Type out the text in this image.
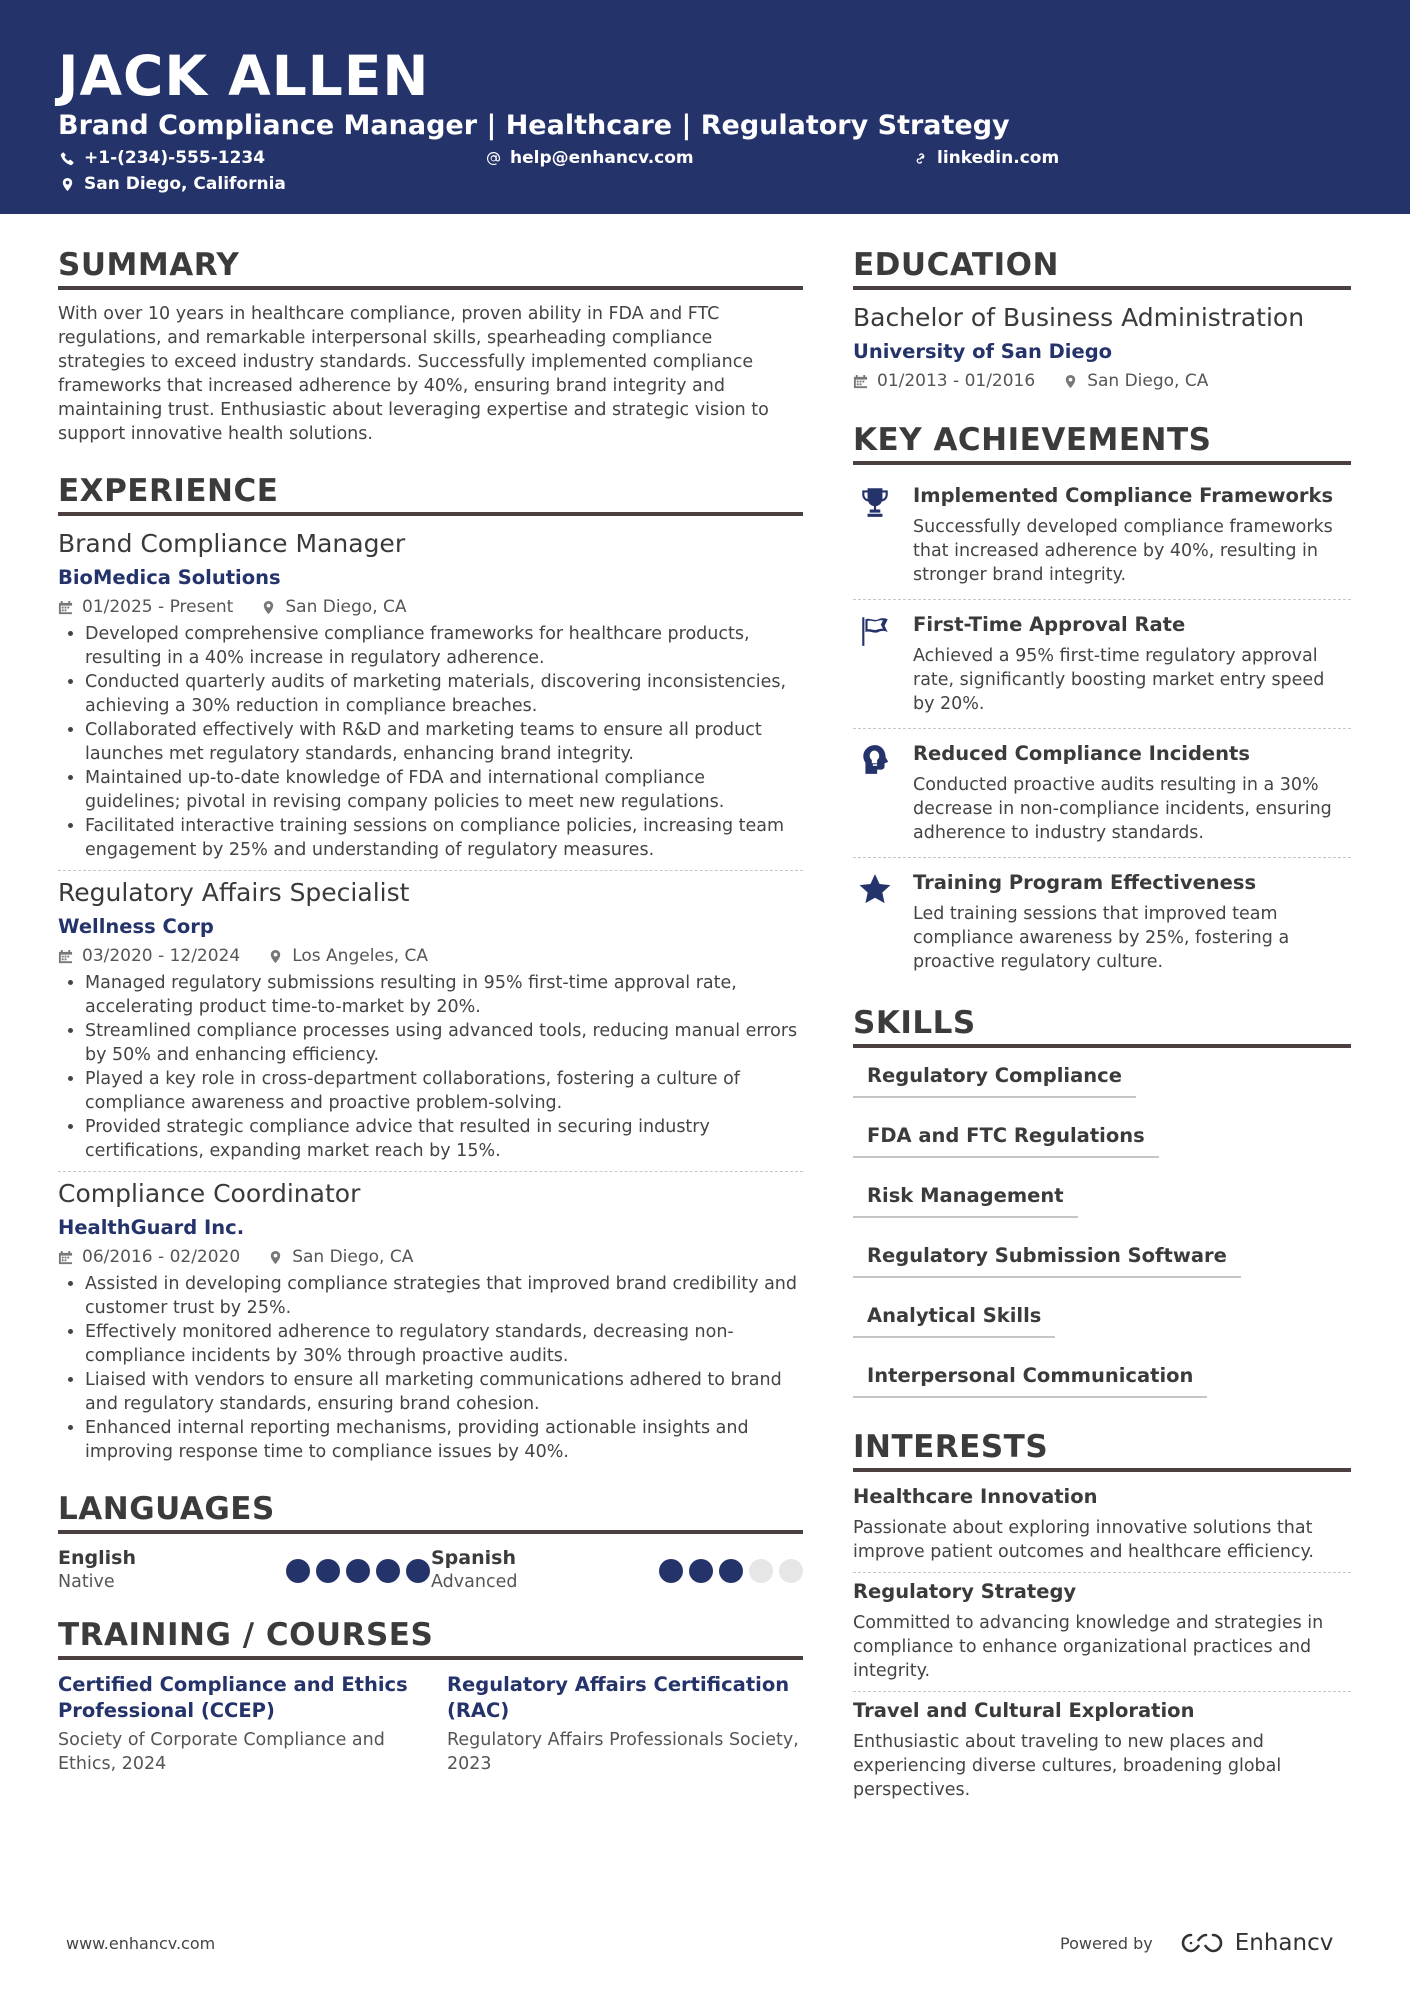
JACK ALLEN
Brand Compliance Manager | Healthcare | Regulatory Strategy
+1-(234)-555-1234	help@enhancv.com	linkedin.com
San Diego, California
SUMMARY

With over 10 years in healthcare compliance, proven ability in FDA and FTC regulations, and remarkable interpersonal skills, spearheading compliance strategies to exceed industry standards. Successfully implemented compliance frameworks that increased adherence by 40%, ensuring brand integrity and maintaining trust. Enthusiastic about leveraging expertise and strategic vision to support innovative health solutions.

EXPERIENCE
Brand Compliance Manager
BioMedica Solutions
01/2025 - Present	San Diego, CA
• Developed comprehensive compliance frameworks for healthcare products, resulting in a 40% increase in regulatory adherence.
• Conducted quarterly audits of marketing materials, discovering inconsistencies, achieving a 30% reduction in compliance breaches.
• Collaborated effectively with R&D and marketing teams to ensure all product launches met regulatory standards, enhancing brand integrity.
• Maintained up-to-date knowledge of FDA and international compliance guidelines; pivotal in revising company policies to meet new regulations.
• Facilitated interactive training sessions on compliance policies, increasing team engagement by 25% and understanding of regulatory measures.
Regulatory Affairs Specialist
Wellness Corp
03/2020 - 12/2024	Los Angeles, CA
• Managed regulatory submissions resulting in 95% first-time approval rate, accelerating product time-to-market by 20%.
• Streamlined compliance processes using advanced tools, reducing manual errors by 50% and enhancing efficiency.
• Played a key role in cross-department collaborations, fostering a culture of compliance awareness and proactive problem-solving.
• Provided strategic compliance advice that resulted in securing industry certifications, expanding market reach by 15%.
Compliance Coordinator
HealthGuard Inc.
06/2016 - 02/2020	San Diego, CA
• Assisted in developing compliance strategies that improved brand credibility and customer trust by 25%.
• Effectively monitored adherence to regulatory standards, decreasing non-compliance incidents by 30% through proactive audits.
• Liaised with vendors to ensure all marketing communications adhered to brand and regulatory standards, ensuring brand cohesion.
• Enhanced internal reporting mechanisms, providing actionable insights and improving response time to compliance issues by 40%.
LANGUAGES
English
Native
Spanish
Advanced
TRAINING / COURSES
Certified Compliance and Ethics Professional (CCEP)
Society of Corporate Compliance and Ethics, 2024
Regulatory Affairs Certification (RAC)
Regulatory Affairs Professionals Society, 2023
EDUCATION
Bachelor of Business Administration
University of San Diego
01/2013 - 01/2016	San Diego, CA
KEY ACHIEVEMENTS
Implemented Compliance Frameworks
Successfully developed compliance frameworks that increased adherence by 40%, resulting in stronger brand integrity.
First-Time Approval Rate
Achieved a 95% first-time regulatory approval rate, significantly boosting market entry speed by 20%.
Reduced Compliance Incidents
Conducted proactive audits resulting in a 30% decrease in non-compliance incidents, ensuring adherence to industry standards.
Training Program Effectiveness
Led training sessions that improved team compliance awareness by 25%, fostering a proactive regulatory culture.
SKILLS
Regulatory Compliance
FDA and FTC Regulations
Risk Management
Regulatory Submission Software
Analytical Skills
Interpersonal Communication
INTERESTS
Healthcare Innovation
Passionate about exploring innovative solutions that improve patient outcomes and healthcare efficiency.
Regulatory Strategy
Committed to advancing knowledge and strategies in compliance to enhance organizational practices and integrity.
Travel and Cultural Exploration
Enthusiastic about traveling to new places and experiencing diverse cultures, broadening global perspectives.
www.enhancv.com	Powered by	Enhancv
